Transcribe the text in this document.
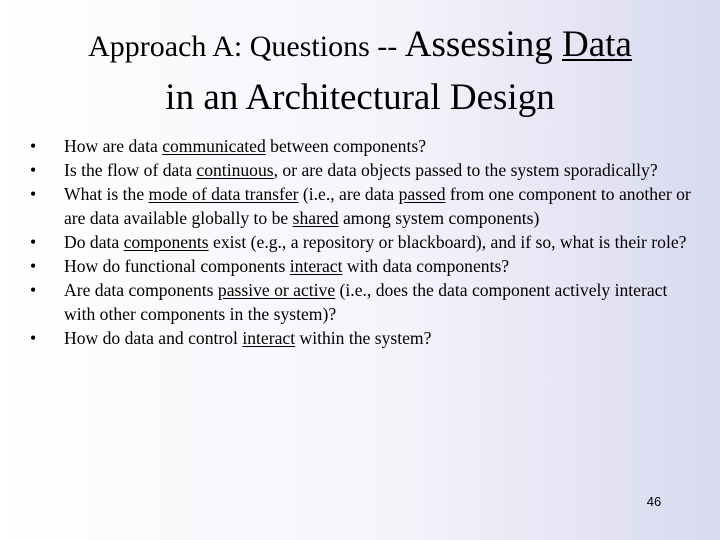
Approach A: Questions -- Assessing Data
in an Architectural Design
• How are data communicated between components?
• Is the flow of data continuous, or are data objects passed to the system sporadically?
• What is the mode of data transfer (i.e., are data passed from one component to another or are data available globally to be shared among system components)
• Do data components exist (e.g., a repository or blackboard), and if so, what is their role?
• How do functional components interact with data components?
• Are data components passive or active (i.e., does the data component actively interact with other components in the system)?
• How do data and control interact within the system?
46
